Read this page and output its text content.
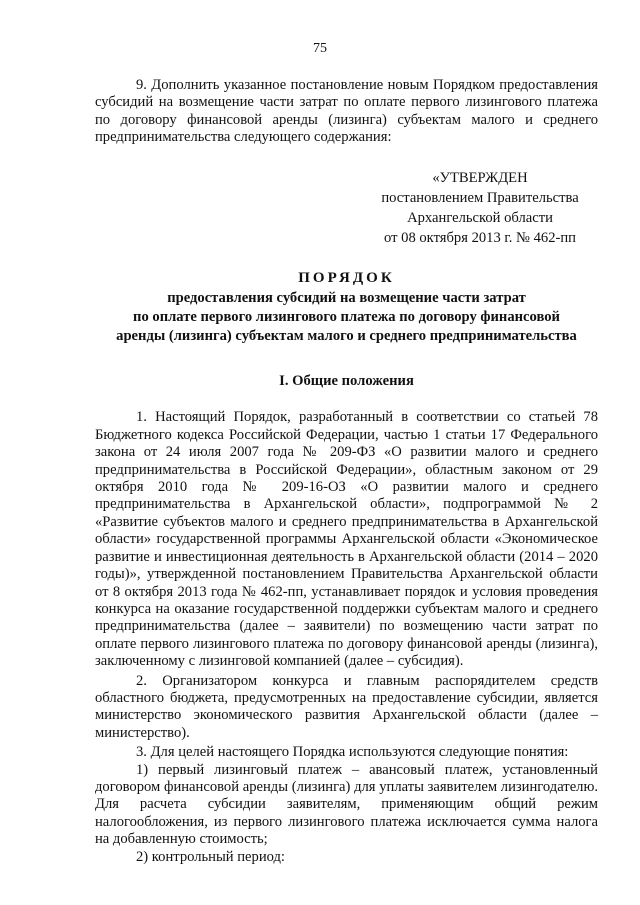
75

9. Дополнить указанное постановление новым Порядком предоставления субсидий на возмещение части затрат по оплате первого лизингового платежа по договору финансовой аренды (лизинга) субъектам малого и среднего предпринимательства следующего содержания:

«УТВЕРЖДЕН
постановлением Правительства
Архангельской области
от 08 октября 2013 г. № 462-пп
ПОРЯДОК
предоставления субсидий на возмещение части затрат
по оплате первого лизингового платежа по договору финансовой
аренды (лизинга) субъектам малого и среднего предпринимательства
I. Общие положения

1. Настоящий Порядок, разработанный в соответствии со статьей 78 Бюджетного кодекса Российской Федерации, частью 1 статьи 17 Федерального закона от 24 июля 2007 года № 209-ФЗ «О развитии малого и среднего предпринимательства в Российской Федерации», областным законом от 29 октября 2010 года № 209-16-ОЗ «О развитии малого и среднего предпринимательства в Архангельской области», подпрограммой № 2 «Развитие субъектов малого и среднего предпринимательства в Архангельской области» государственной программы Архангельской области «Экономическое развитие и инвестиционная деятельность в Архангельской области (2014 – 2020 годы)», утвержденной постановлением Правительства Архангельской области от 8 октября 2013 года № 462-пп, устанавливает порядок и условия проведения конкурса на оказание государственной поддержки субъектам малого и среднего предпринимательства (далее – заявители) по возмещению части затрат по оплате первого лизингового платежа по договору финансовой аренды (лизинга), заключенному с лизинговой компанией (далее – субсидия).

2. Организатором конкурса и главным распорядителем средств областного бюджета, предусмотренных на предоставление субсидии, является министерство экономического развития Архангельской области (далее – министерство).

3. Для целей настоящего Порядка используются следующие понятия:

1) первый лизинговый платеж – авансовый платеж, установленный договором финансовой аренды (лизинга) для уплаты заявителем лизингодателю. Для расчета субсидии заявителям, применяющим общий режим налогообложения, из первого лизингового платежа исключается сумма налога на добавленную стоимость;

2) контрольный период:
